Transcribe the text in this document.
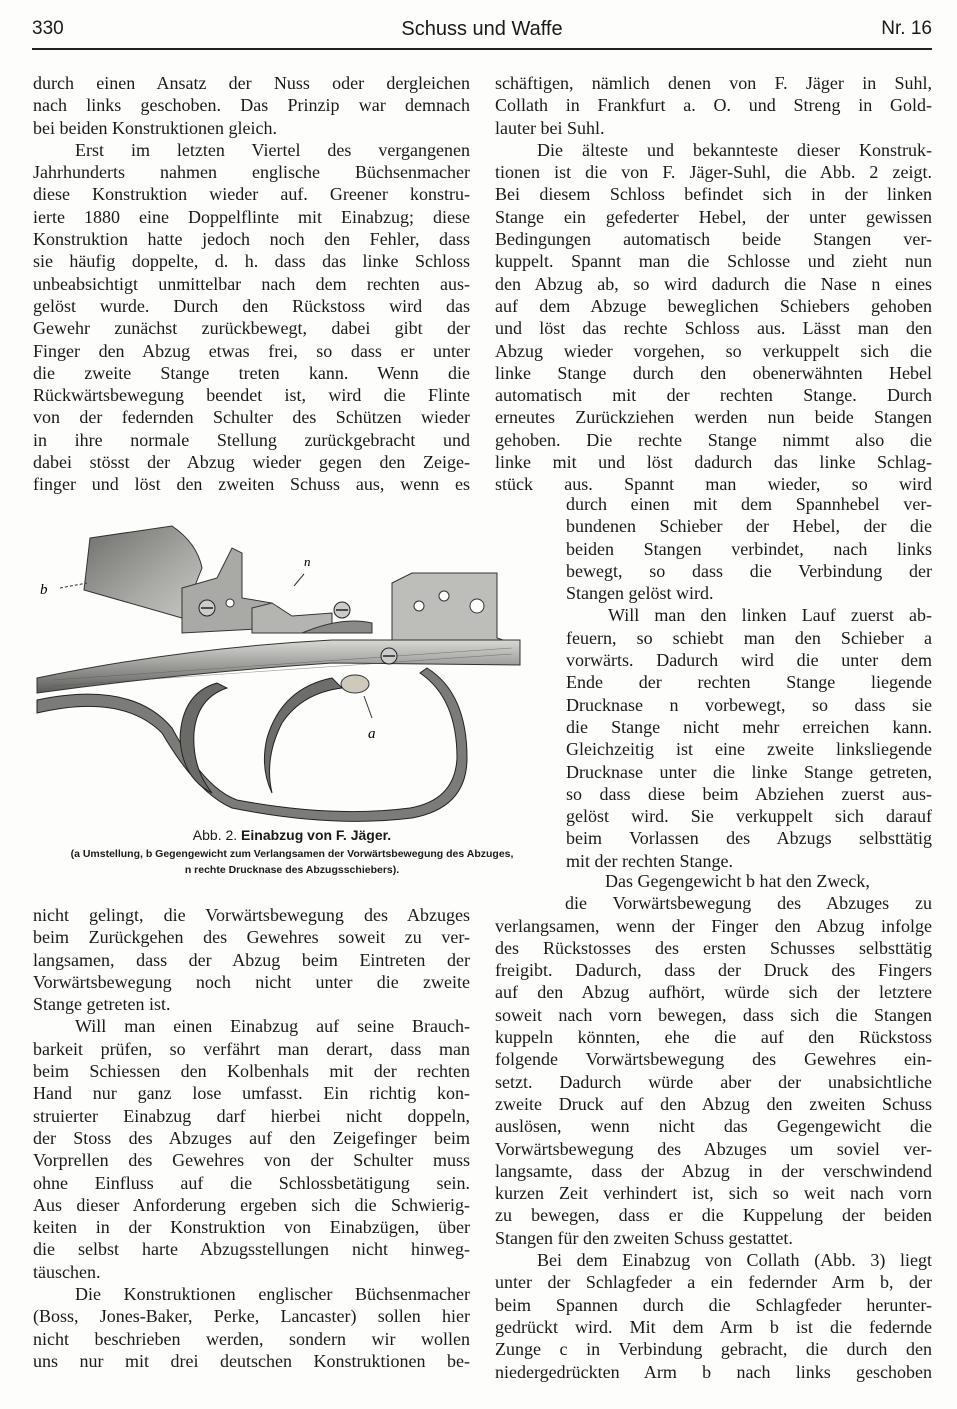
330	Schuss und Waffe	Nr. 16
durch einen Ansatz der Nuss oder dergleichen
nach links geschoben. Das Prinzip war demnach
bei beiden Konstruktionen gleich.
Erst im letzten Viertel des vergangenen
Jahrhunderts nahmen englische Büchsenmacher
diese Konstruktion wieder auf. Greener konstru-
ierte 1880 eine Doppelflinte mit Einabzug; diese
Konstruktion hatte jedoch noch den Fehler, dass
sie häufig doppelte, d. h. dass das linke Schloss
unbeabsichtigt unmittelbar nach dem rechten aus-
gelöst wurde. Durch den Rückstoss wird das
Gewehr zunächst zurückbewegt, dabei gibt der
Finger den Abzug etwas frei, so dass er unter
die zweite Stange treten kann. Wenn die
Rückwärtsbewegung beendet ist, wird die Flinte
von der federnden Schulter des Schützen wieder
in ihre normale Stellung zurückgebracht und
dabei stösst der Abzug wieder gegen den Zeige-
finger und löst den zweiten Schuss aus, wenn es
b
n
a
Abb. 2. Einabzug von F. Jäger.
(a Umstellung, b Gegengewicht zum Verlangsamen der Vorwärtsbewegung des Abzuges,
n rechte Drucknase des Abzugsschiebers).
nicht gelingt, die Vorwärtsbewegung des Abzuges
beim Zurückgehen des Gewehres soweit zu ver-
langsamen, dass der Abzug beim Eintreten der
Vorwärtsbewegung noch nicht unter die zweite
Stange getreten ist.
Will man einen Einabzug auf seine Brauch-
barkeit prüfen, so verfährt man derart, dass man
beim Schiessen den Kolbenhals mit der rechten
Hand nur ganz lose umfasst. Ein richtig kon-
struierter Einabzug darf hierbei nicht doppeln,
der Stoss des Abzuges auf den Zeigefinger beim
Vorprellen des Gewehres von der Schulter muss
ohne Einfluss auf die Schlossbetätigung sein.
Aus dieser Anforderung ergeben sich die Schwierig-
keiten in der Konstruktion von Einabzügen, über
die selbst harte Abzugsstellungen nicht hinweg-
täuschen.
Die Konstruktionen englischer Büchsenmacher
(Boss, Jones-Baker, Perke, Lancaster) sollen hier
nicht beschrieben werden, sondern wir wollen
uns nur mit drei deutschen Konstruktionen be-
schäftigen, nämlich denen von F. Jäger in Suhl,
Collath in Frankfurt a. O. und Streng in Gold-
lauter bei Suhl.
Die älteste und bekannteste dieser Konstruk-
tionen ist die von F. Jäger-Suhl, die Abb. 2 zeigt.
Bei diesem Schloss befindet sich in der linken
Stange ein gefederter Hebel, der unter gewissen
Bedingungen automatisch beide Stangen ver-
kuppelt. Spannt man die Schlosse und zieht nun
den Abzug ab, so wird dadurch die Nase n eines
auf dem Abzuge beweglichen Schiebers gehoben
und löst das rechte Schloss aus. Lässt man den
Abzug wieder vorgehen, so verkuppelt sich die
linke Stange durch den obenerwähnten Hebel
automatisch mit der rechten Stange. Durch
erneutes Zurückziehen werden nun beide Stangen
gehoben. Die rechte Stange nimmt also die
linke mit und löst dadurch das linke Schlag-
stück aus. Spannt man wieder, so wird
durch einen mit dem Spannhebel ver-
bundenen Schieber der Hebel, der die
beiden Stangen verbindet, nach links
bewegt, so dass die Verbindung der
Stangen gelöst wird.
Will man den linken Lauf zuerst ab-
feuern, so schiebt man den Schieber a
vorwärts. Dadurch wird die unter dem
Ende der rechten Stange liegende
Drucknase n vorbewegt, so dass sie
die Stange nicht mehr erreichen kann.
Gleichzeitig ist eine zweite linksliegende
Drucknase unter die linke Stange getreten,
so dass diese beim Abziehen zuerst aus-
gelöst wird. Sie verkuppelt sich darauf
beim Vorlassen des Abzugs selbsttätig
mit der rechten Stange.
Das Gegengewicht b hat den Zweck,
die Vorwärtsbewegung des Abzuges zu
verlangsamen, wenn der Finger den Abzug infolge
des Rückstosses des ersten Schusses selbsttätig
freigibt. Dadurch, dass der Druck des Fingers
auf den Abzug aufhört, würde sich der letztere
soweit nach vorn bewegen, dass sich die Stangen
kuppeln könnten, ehe die auf den Rückstoss
folgende Vorwärtsbewegung des Gewehres ein-
setzt. Dadurch würde aber der unabsichtliche
zweite Druck auf den Abzug den zweiten Schuss
auslösen, wenn nicht das Gegengewicht die
Vorwärtsbewegung des Abzuges um soviel ver-
langsamte, dass der Abzug in der verschwindend
kurzen Zeit verhindert ist, sich so weit nach vorn
zu bewegen, dass er die Kuppelung der beiden
Stangen für den zweiten Schuss gestattet.
Bei dem Einabzug von Collath (Abb. 3) liegt
unter der Schlagfeder a ein federnder Arm b, der
beim Spannen durch die Schlagfeder herunter-
gedrückt wird. Mit dem Arm b ist die federnde
Zunge c in Verbindung gebracht, die durch den
niedergedrückten Arm b nach links geschoben
